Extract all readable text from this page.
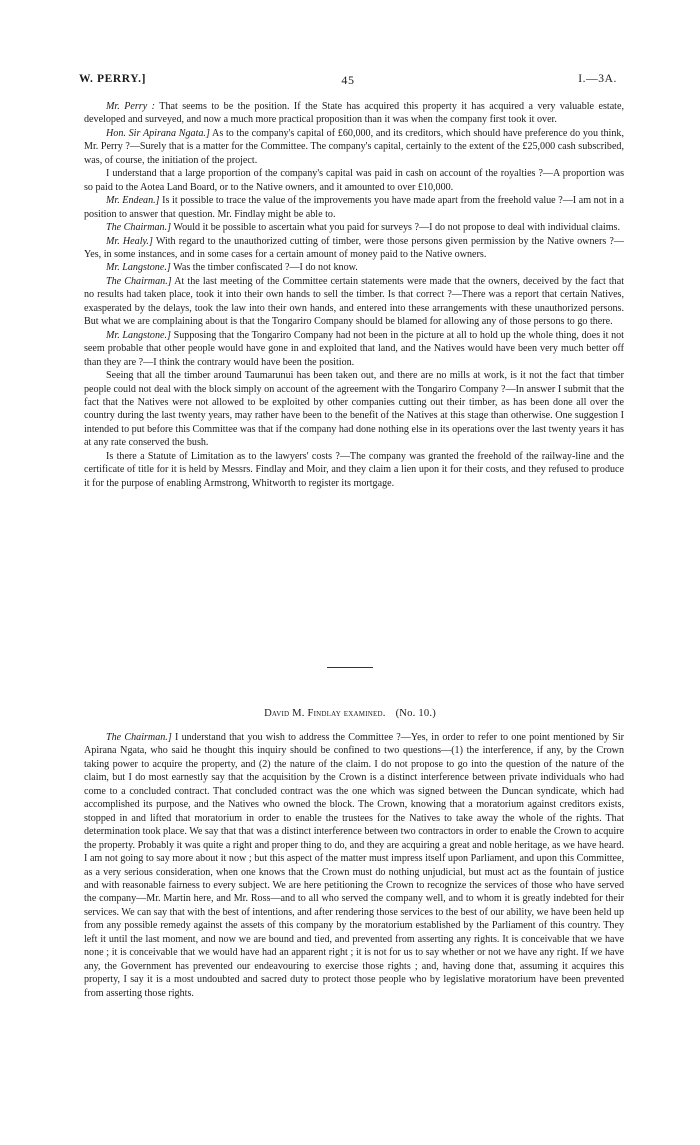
W. PERRY.]	45	I.—3A.

Mr. Perry : That seems to be the position. If the State has acquired this property it has acquired a very valuable estate, developed and surveyed, and now a much more practical proposition than it was when the company first took it over.

Hon. Sir Apirana Ngata.] As to the company's capital of £60,000, and its creditors, which should have preference do you think, Mr. Perry ?—Surely that is a matter for the Committee. The company's capital, certainly to the extent of the £25,000 cash subscribed, was, of course, the initiation of the project.

I understand that a large proportion of the company's capital was paid in cash on account of the royalties ?—A proportion was so paid to the Aotea Land Board, or to the Native owners, and it amounted to over £10,000.

Mr. Endean.] Is it possible to trace the value of the improvements you have made apart from the freehold value ?—I am not in a position to answer that question. Mr. Findlay might be able to.

The Chairman.] Would it be possible to ascertain what you paid for surveys ?—I do not propose to deal with individual claims.

Mr. Healy.] With regard to the unauthorized cutting of timber, were those persons given permission by the Native owners ?—Yes, in some instances, and in some cases for a certain amount of money paid to the Native owners.

Mr. Langstone.] Was the timber confiscated ?—I do not know.

The Chairman.] At the last meeting of the Committee certain statements were made that the owners, deceived by the fact that no results had taken place, took it into their own hands to sell the timber. Is that correct ?—There was a report that certain Natives, exasperated by the delays, took the law into their own hands, and entered into these arrangements with these unauthorized persons. But what we are complaining about is that the Tongariro Company should be blamed for allowing any of those persons to go there.

Mr. Langstone.] Supposing that the Tongariro Company had not been in the picture at all to hold up the whole thing, does it not seem probable that other people would have gone in and exploited that land, and the Natives would have been very much better off than they are ?—I think the contrary would have been the position.

Seeing that all the timber around Taumarunui has been taken out, and there are no mills at work, is it not the fact that timber people could not deal with the block simply on account of the agreement with the Tongariro Company ?—In answer I submit that the fact that the Natives were not allowed to be exploited by other companies cutting out their timber, as has been done all over the country during the last twenty years, may rather have been to the benefit of the Natives at this stage than otherwise. One suggestion I intended to put before this Committee was that if the company had done nothing else in its operations over the last twenty years it has at any rate conserved the bush.

Is there a Statute of Limitation as to the lawyers' costs ?—The company was granted the freehold of the railway-line and the certificate of title for it is held by Messrs. Findlay and Moir, and they claim a lien upon it for their costs, and they refused to produce it for the purpose of enabling Armstrong, Whitworth to register its mortgage.

David M. Findlay examined. (No. 10.)

The Chairman.] I understand that you wish to address the Committee ?—Yes, in order to refer to one point mentioned by Sir Apirana Ngata, who said he thought this inquiry should be confined to two questions—(1) the interference, if any, by the Crown taking power to acquire the property, and (2) the nature of the claim. I do not propose to go into the question of the nature of the claim, but I do most earnestly say that the acquisition by the Crown is a distinct interference between private individuals who had come to a concluded contract. That concluded contract was the one which was signed between the Duncan syndicate, which had accomplished its purpose, and the Natives who owned the block. The Crown, knowing that a moratorium against creditors exists, stopped in and lifted that moratorium in order to enable the trustees for the Natives to take away the whole of the rights. That determination took place. We say that that was a distinct interference between two contractors in order to enable the Crown to acquire the property. Probably it was quite a right and proper thing to do, and they are acquiring a great and noble heritage, as we have heard. I am not going to say more about it now ; but this aspect of the matter must impress itself upon Parliament, and upon this Committee, as a very serious consideration, when one knows that the Crown must do nothing unjudicial, but must act as the fountain of justice and with reasonable fairness to every subject. We are here petitioning the Crown to recognize the services of those who have served the company—Mr. Martin here, and Mr. Ross—and to all who served the company well, and to whom it is greatly indebted for their services. We can say that with the best of intentions, and after rendering those services to the best of our ability, we have been held up from any possible remedy against the assets of this company by the moratorium established by the Parliament of this country. They left it until the last moment, and now we are bound and tied, and prevented from asserting any rights. It is conceivable that we have none ; it is conceivable that we would have had an apparent right ; it is not for us to say whether or not we have any right. If we have any, the Government has prevented our endeavouring to exercise those rights ; and, having done that, assuming it acquires this property, I say it is a most undoubted and sacred duty to protect those people who by legislative moratorium have been prevented from asserting those rights.
